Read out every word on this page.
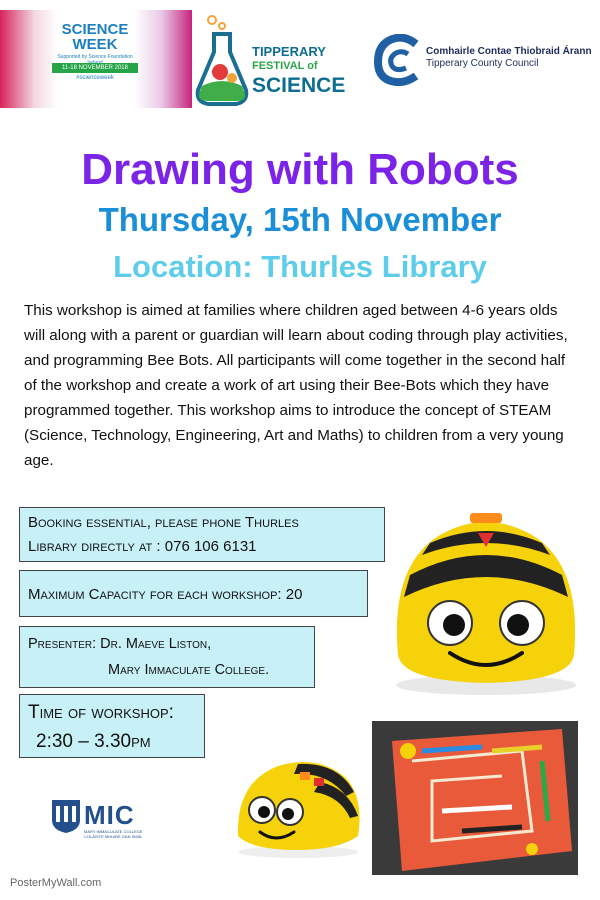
SCIENCE
WEEK
Supported by Science Foundation
11-18 NOVEMBER 2018
#scienceweek
TIPPERARY
FESTIVAL of
SCIENCE
Comhairle Contae Thiobraid Árann
Tipperary County Council
Drawing with Robots
Thursday, 15th November
Location: Thurles Library
This workshop is aimed at families where children aged between 4-6 years olds will along with a parent or guardian will learn about coding through play activities, and programming Bee Bots. All participants will come together in the second half of the workshop and create a work of art using their Bee-Bots which they have programmed together. This workshop aims to introduce the concept of STEAM (Science, Technology, Engineering, Art and Maths) to children from a very young age.
Booking essential, please phone Thurles
Library directly at : 076 106 6131
Maximum Capacity for each workshop: 20
Presenter: Dr. Maeve Liston,
Mary Immaculate College.
Time of workshop:
2:30 – 3.30pm
MIC
MARY IMMACULATE COLLEGE COLÁISTE MHUIRE GAN SMÁL
PosterMyWall.com
